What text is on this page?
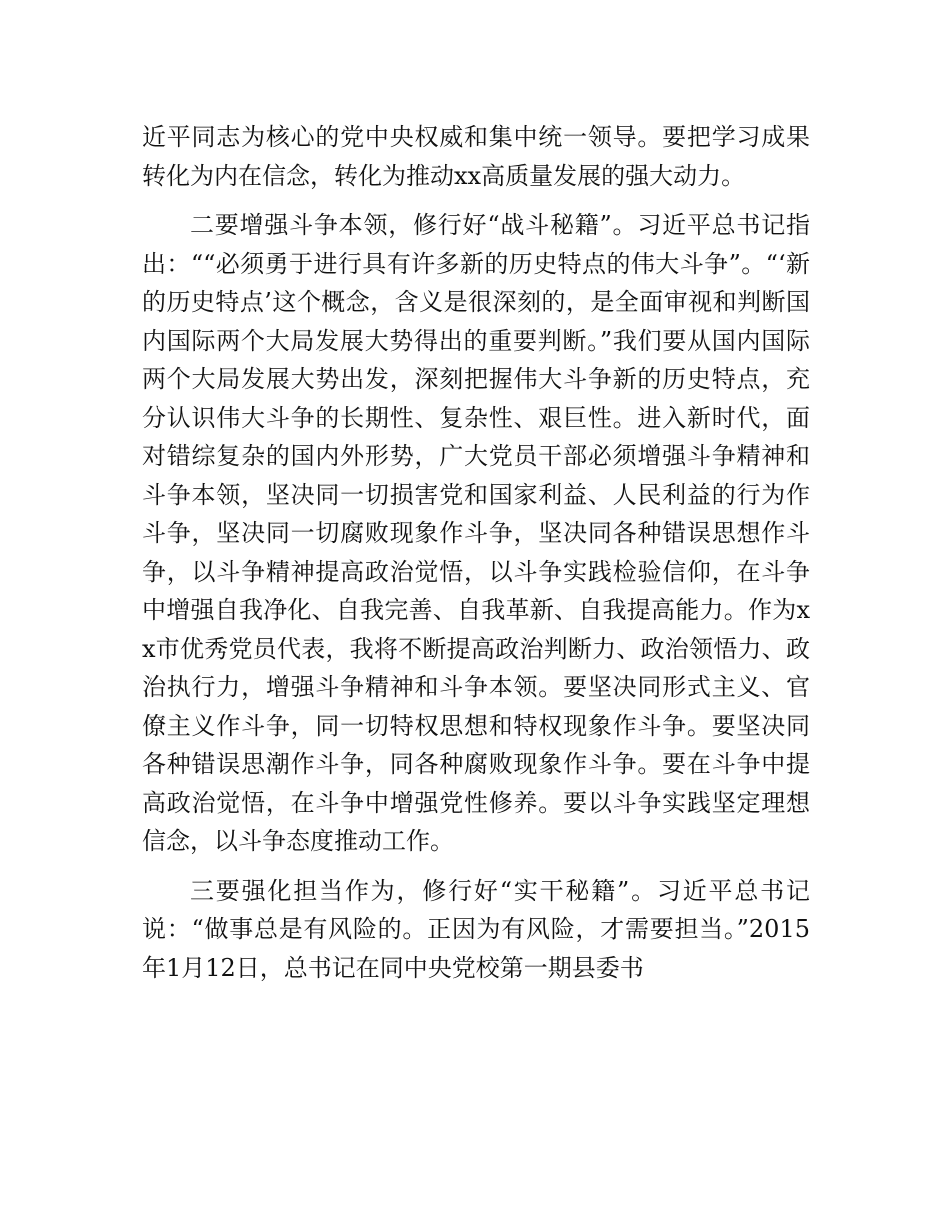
近平同志为核心的党中央权威和集中统一领导。要把学习成果转化为内在信念，转化为推动xx高质量发展的强大动力。

二要增强斗争本领，修行好“战斗秘籍”。习近平总书记指出：““必须勇于进行具有许多新的历史特点的伟大斗争”。“‘新的历史特点’这个概念，含义是很深刻的，是全面审视和判断国内国际两个大局发展大势得出的重要判断。”我们要从国内国际两个大局发展大势出发，深刻把握伟大斗争新的历史特点，充分认识伟大斗争的长期性、复杂性、艰巨性。进入新时代，面对错综复杂的国内外形势，广大党员干部必须增强斗争精神和斗争本领，坚决同一切损害党和国家利益、人民利益的行为作斗争，坚决同一切腐败现象作斗争，坚决同各种错误思想作斗争，以斗争精神提高政治觉悟，以斗争实践检验信仰，在斗争中增强自我净化、自我完善、自我革新、自我提高能力。作为xx市优秀党员代表，我将不断提高政治判断力、政治领悟力、政治执行力，增强斗争精神和斗争本领。要坚决同形式主义、官僚主义作斗争，同一切特权思想和特权现象作斗争。要坚决同各种错误思潮作斗争，同各种腐败现象作斗争。要在斗争中提高政治觉悟，在斗争中增强党性修养。要以斗争实践坚定理想信念，以斗争态度推动工作。

三要强化担当作为，修行好“实干秘籍”。习近平总书记说：“做事总是有风险的。正因为有风险，才需要担当。”2015年1月12日，总书记在同中央党校第一期县委书
